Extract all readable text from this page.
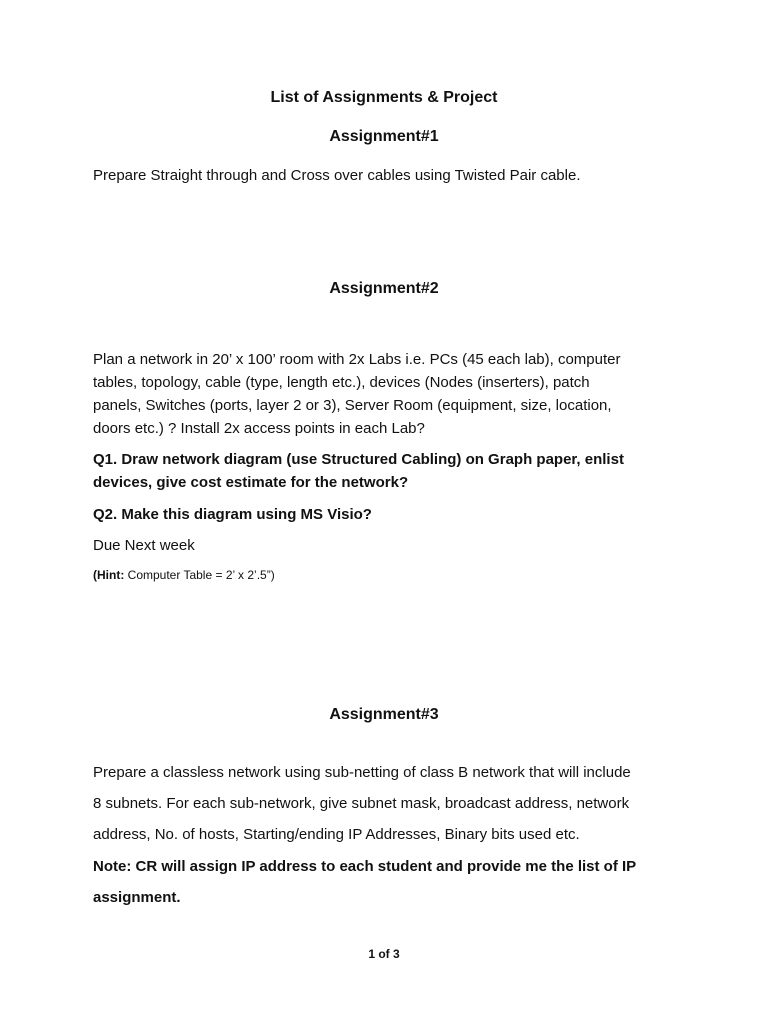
List of Assignments & Project
Assignment#1
Prepare Straight through and Cross over cables using Twisted Pair cable.
Assignment#2
Plan a network in 20’ x 100’ room with 2x Labs i.e. PCs (45 each lab), computer
tables, topology, cable (type, length etc.), devices (Nodes (inserters), patch
panels, Switches (ports, layer 2 or 3), Server Room (equipment, size, location,
doors etc.) ? Install 2x access points in each Lab?
Q1. Draw network diagram (use Structured Cabling) on Graph paper, enlist
devices, give cost estimate for the network?
Q2. Make this diagram using MS Visio?
Due Next week
(Hint: Computer Table = 2’ x 2’.5”)
Assignment#3
Prepare a classless network using sub-netting of class B network that will include
8 subnets. For each sub-network, give subnet mask, broadcast address, network
address, No. of hosts, Starting/ending IP Addresses, Binary bits used etc.
Note: CR will assign IP address to each student and provide me the list of IP
assignment.
1 of 3
